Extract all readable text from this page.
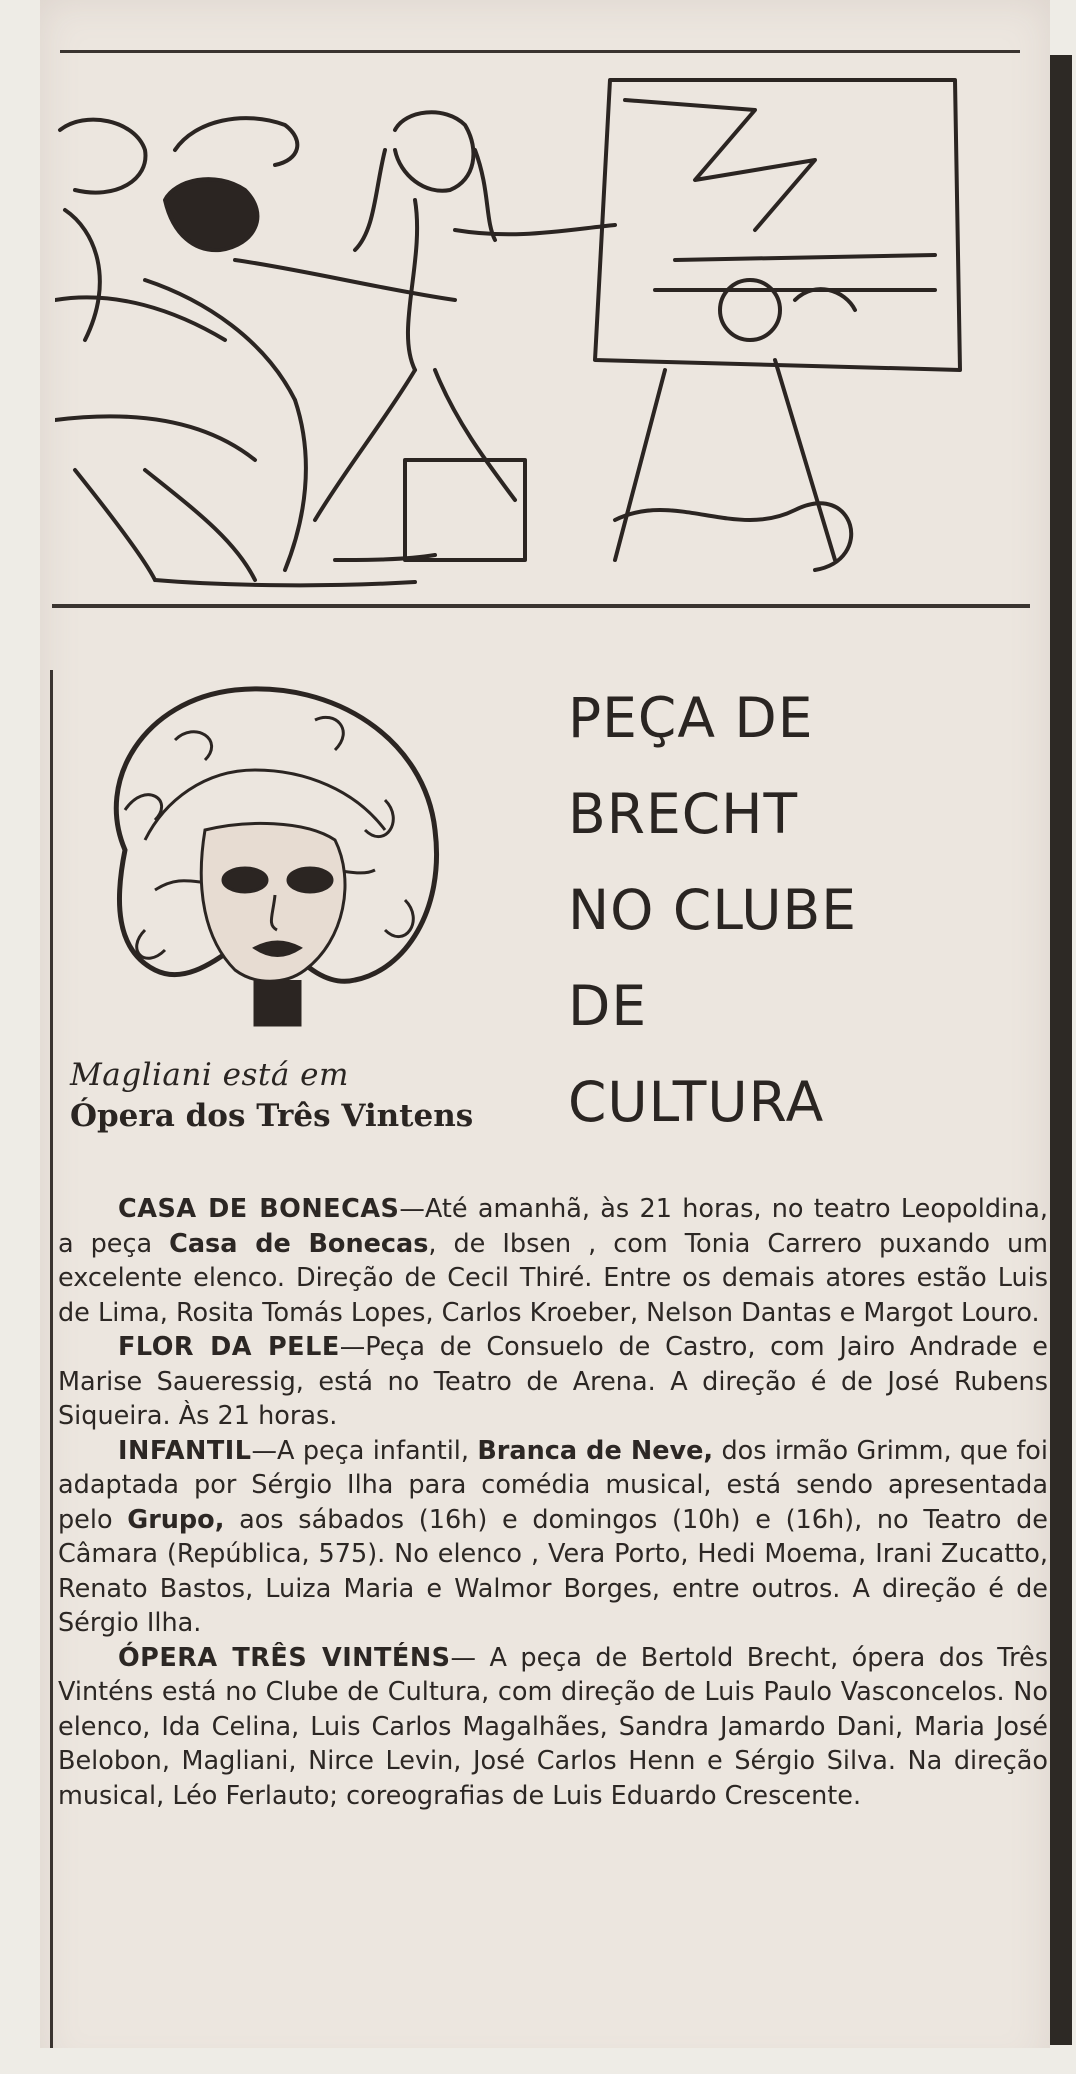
Magliani está em
Ópera dos Três Vintens
PEÇA DE
BRECHT
NO CLUBE
DE
CULTURA

CASA DE BONECAS—Até amanhã, às 21 horas, no teatro Leopoldina, a peça Casa de Bonecas, de Ibsen , com Tonia Carrero puxando um excelente elenco. Direção de Cecil Thiré. Entre os demais atores estão Luis de Lima, Rosita Tomás Lopes, Carlos Kroeber, Nelson Dantas e Margot Louro.

FLOR DA PELE—Peça de Consuelo de Castro, com Jairo Andrade e Marise Saueressig, está no Teatro de Arena. A direção é de José Rubens Siqueira. Às 21 horas.

INFANTIL—A peça infantil, Branca de Neve, dos irmão Grimm, que foi adaptada por Sérgio Ilha para comédia musical, está sendo apresentada pelo Grupo, aos sábados (16h) e domingos (10h) e (16h), no Teatro de Câmara (República, 575). No elenco , Vera Porto, Hedi Moema, Irani Zucatto, Renato Bastos, Luiza Maria e Walmor Borges, entre outros. A direção é de Sérgio Ilha.

ÓPERA TRÊS VINTÉNS— A peça de Bertold Brecht, ópera dos Três Vinténs está no Clube de Cultura, com direção de Luis Paulo Vasconcelos. No elenco, Ida Celina, Luis Carlos Magalhães, Sandra Jamardo Dani, Maria José Belobon, Magliani, Nirce Levin, José Carlos Henn e Sérgio Silva. Na direção musical, Léo Ferlauto; coreografias de Luis Eduardo Crescente.
